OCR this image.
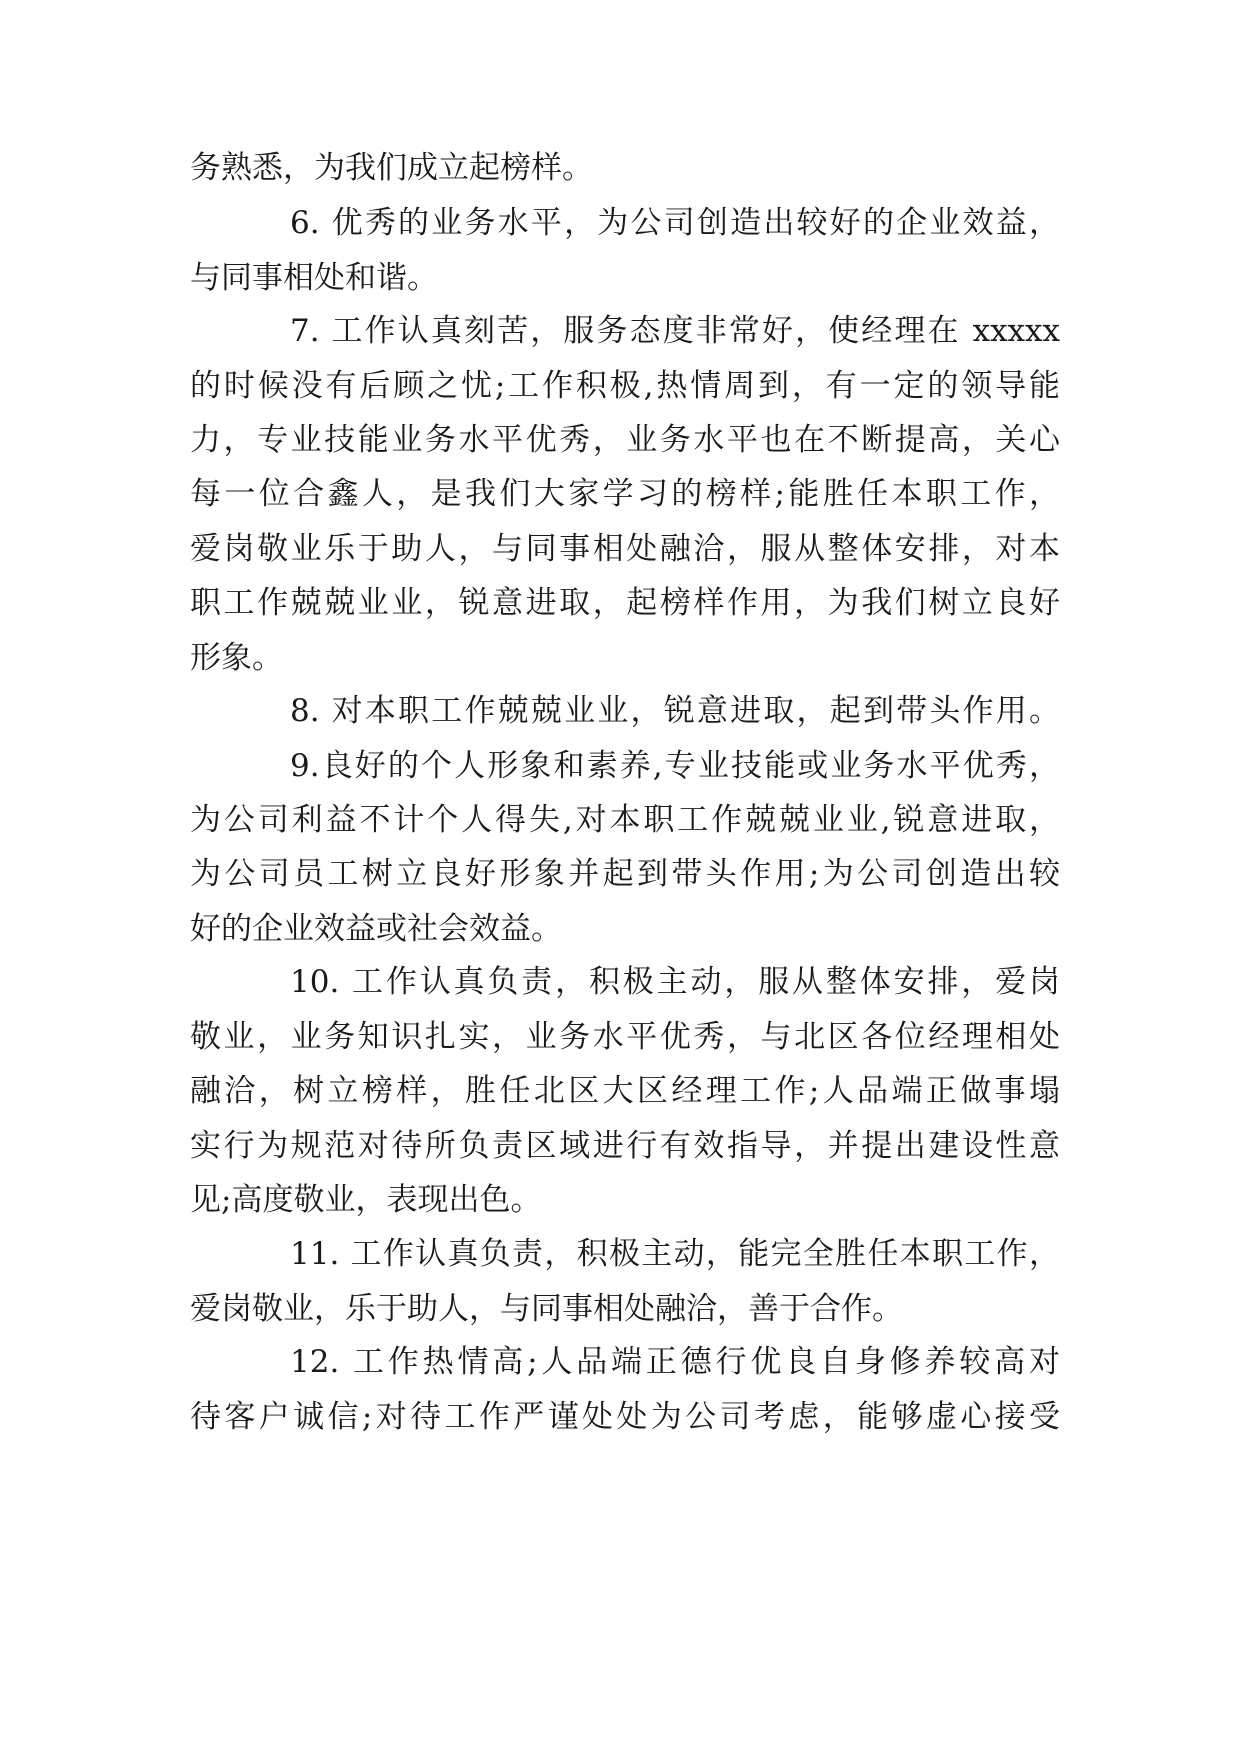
务熟悉，为我们成立起榜样。
6. 优秀的业务水平，为公司创造出较好的企业效益，
与同事相处和谐。
7. 工作认真刻苦，服务态度非常好，使经理在 xxxxx
的时候没有后顾之忧;工作积极,热情周到，有一定的领导能
力，专业技能业务水平优秀，业务水平也在不断提高，关心
每一位合鑫人，是我们大家学习的榜样;能胜任本职工作，
爱岗敬业乐于助人，与同事相处融洽，服从整体安排，对本
职工作兢兢业业，锐意进取，起榜样作用，为我们树立良好
形象。
8. 对本职工作兢兢业业，锐意进取，起到带头作用。
9.良好的个人形象和素养,专业技能或业务水平优秀，
为公司利益不计个人得失,对本职工作兢兢业业,锐意进取，
为公司员工树立良好形象并起到带头作用;为公司创造出较
好的企业效益或社会效益。
10. 工作认真负责，积极主动，服从整体安排，爱岗
敬业，业务知识扎实，业务水平优秀，与北区各位经理相处
融洽，树立榜样，胜任北区大区经理工作;人品端正做事塌
实行为规范对待所负责区域进行有效指导，并提出建设性意
见;高度敬业，表现出色。
11. 工作认真负责，积极主动，能完全胜任本职工作，
爱岗敬业，乐于助人，与同事相处融洽，善于合作。
12. 工作热情高;人品端正德行优良自身修养较高对
待客户诚信;对待工作严谨处处为公司考虑，能够虚心接受
